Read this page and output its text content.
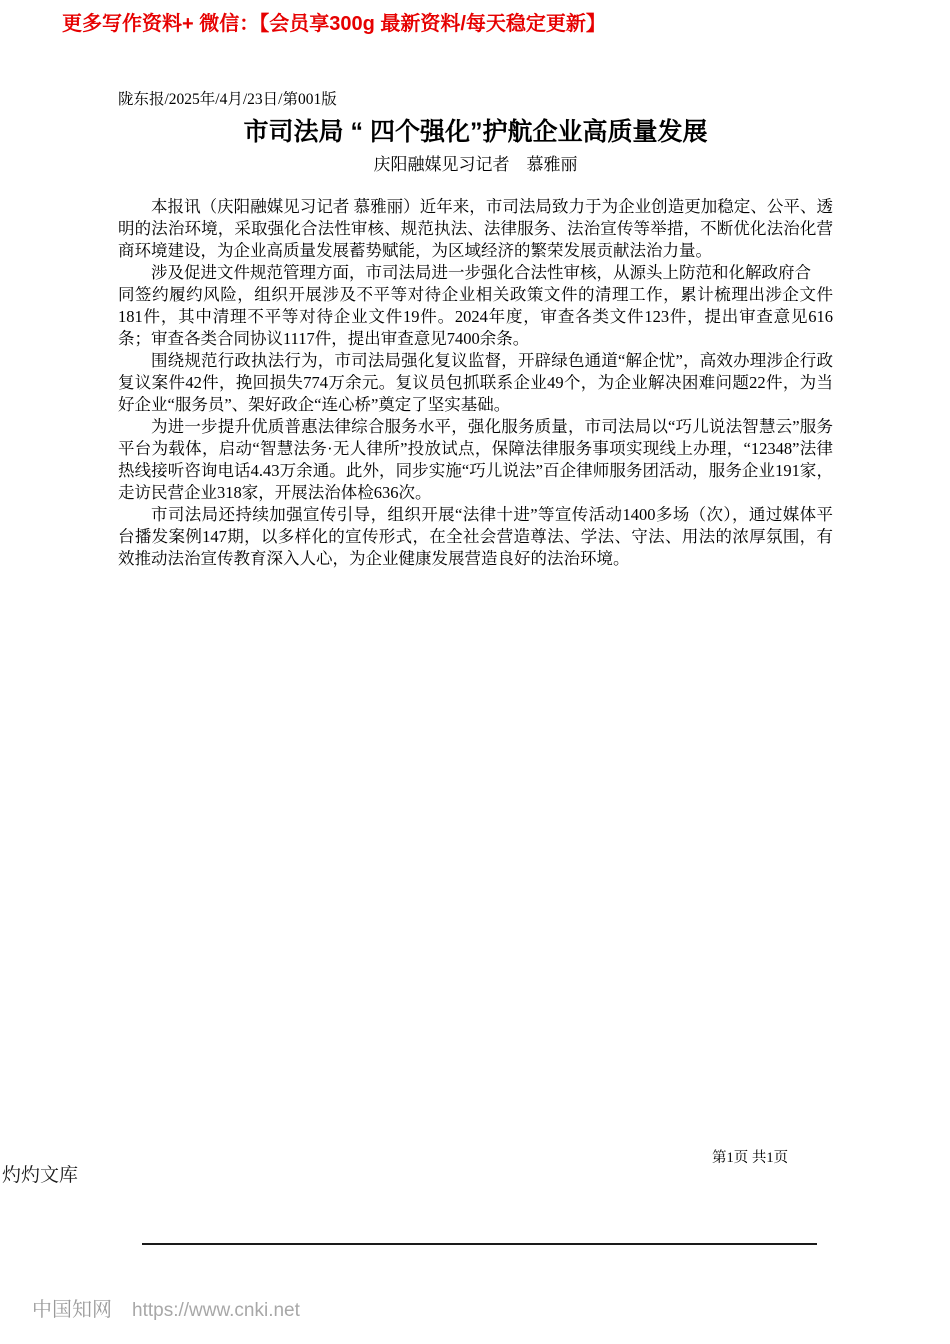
更多写作资料+ 微信：【会员享300g 最新资料/每天稳定更新】
陇东报/2025年/4月/23日/第001版
市司法局 “ 四个强化”护航企业高质量发展
庆阳融媒见习记者　慕雅丽

本报讯（庆阳融媒见习记者 慕雅丽）近年来，市司法局致力于为企业创造更加稳定、公平、透明的法治环境，采取强化合法性审核、规范执法、法律服务、法治宣传等举措，不断优化法治化营商环境建设，为企业高质量发展蓄势赋能，为区域经济的繁荣发展贡献法治力量。

涉及促进文件规范管理方面，市司法局进一步强化合法性审核，从源头上防范和化解政府合

同签约履约风险，组织开展涉及不平等对待企业相关政策文件的清理工作，累计梳理出涉企文件181件，其中清理不平等对待企业文件19件。2024年度，审查各类文件123件，提出审查意见616条；审查各类合同协议1117件，提出审查意见7400余条。

围绕规范行政执法行为，市司法局强化复议监督，开辟绿色通道“解企忧”，高效办理涉企行政复议案件42件，挽回损失774万余元。复议员包抓联系企业49个，为企业解决困难问题22件，为当好企业“服务员”、架好政企“连心桥”奠定了坚实基础。

为进一步提升优质普惠法律综合服务水平，强化服务质量，市司法局以“巧儿说法智慧云”服务平台为载体，启动“智慧法务·无人律所”投放试点，保障法律服务事项实现线上办理，“12348”法律热线接听咨询电话4.43万余通。此外，同步实施“巧儿说法”百企律师服务团活动，服务企业191家，走访民营企业318家，开展法治体检636次。

市司法局还持续加强宣传引导，组织开展“法律十进”等宣传活动1400多场（次），通过媒体平台播发案例147期，以多样化的宣传形式，在全社会营造尊法、学法、守法、用法的浓厚氛围，有效推动法治宣传教育深入人心，为企业健康发展营造良好的法治环境。

第1页 共1页
灼灼文库
中国知网 https://www.cnki.net
